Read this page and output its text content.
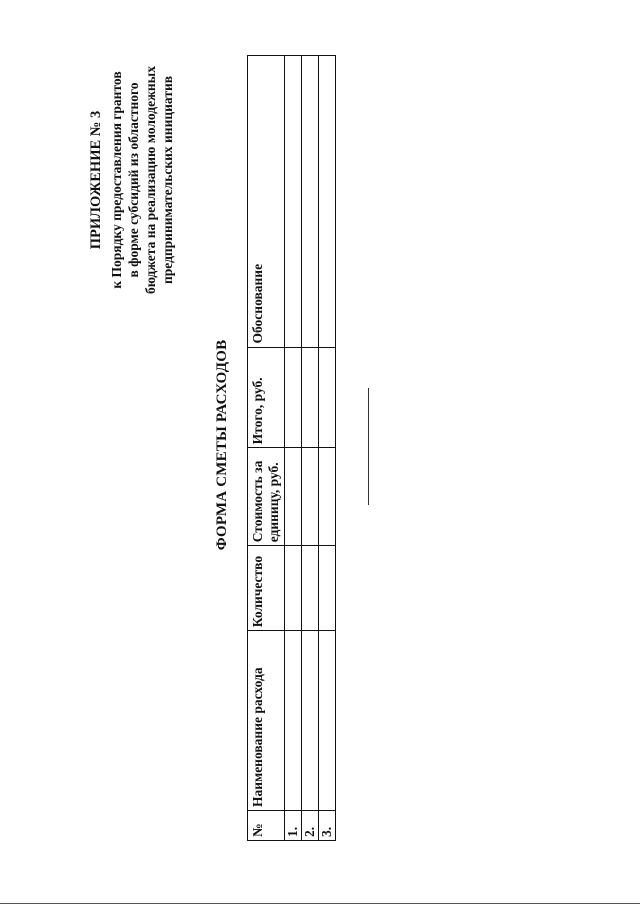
ПРИЛОЖЕНИЕ № 3 к Порядку предоставления грантов в форме субсидий из областного бюджета на реализацию молодежных предпринимательских инициатив
ФОРМА СМЕТЫ РАСХОДОВ
№	Наименование расхода	Количество	Стоимость за единицу, руб.	Итого, руб.	Обоснование
1.					
2.					
3.					
